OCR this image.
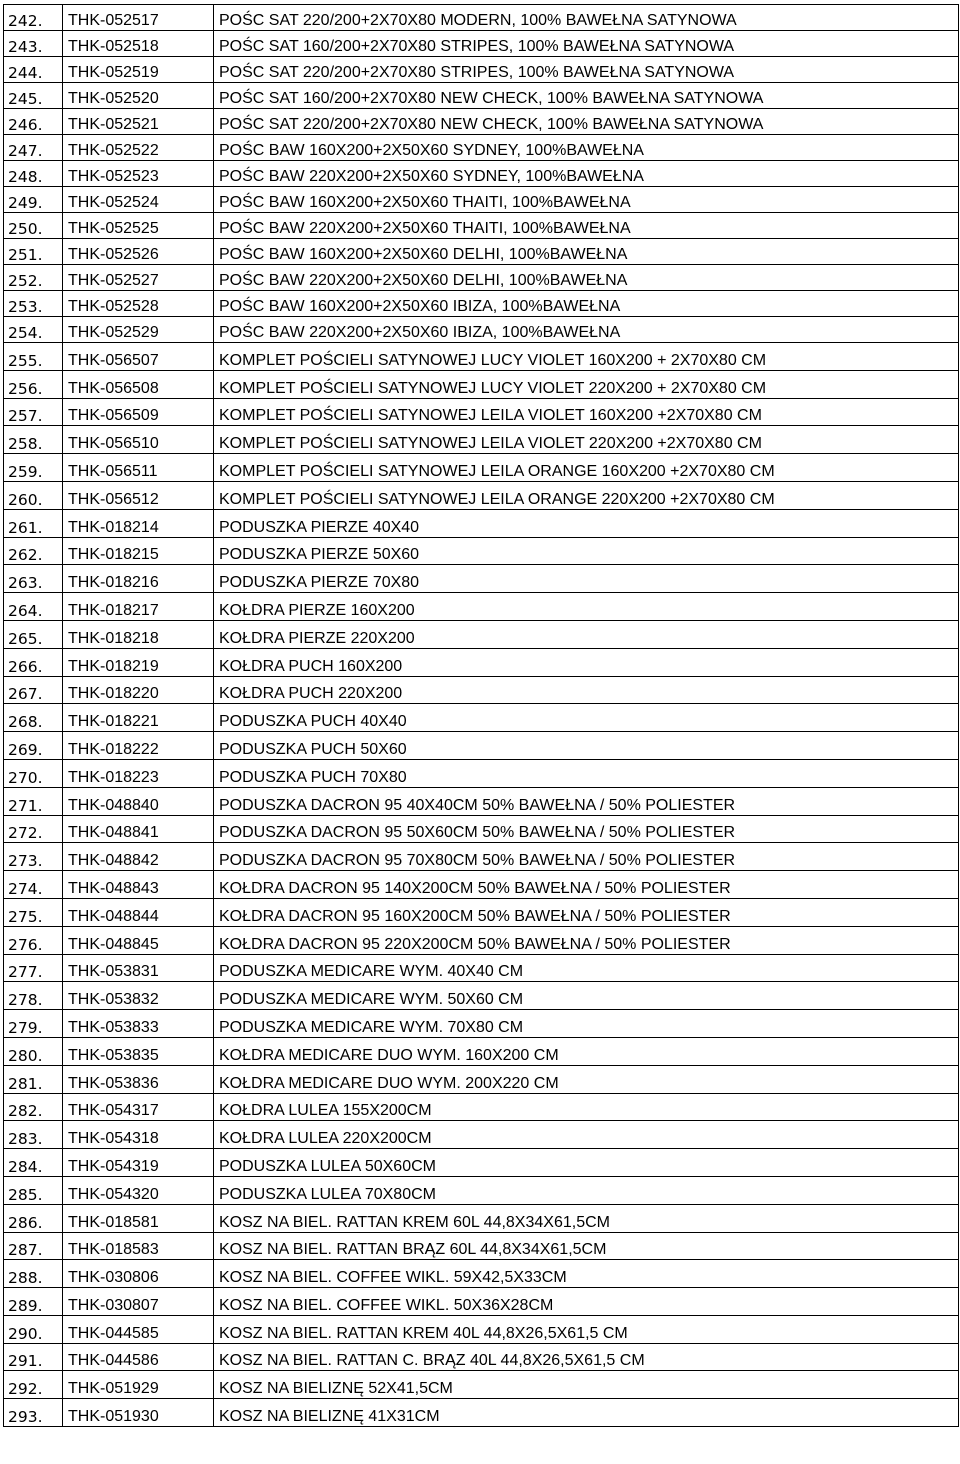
242.	THK-052517	POŚC SAT 220/200+2X70X80 MODERN, 100% BAWEŁNA SATYNOWA
243.	THK-052518	POŚC SAT 160/200+2X70X80 STRIPES, 100% BAWEŁNA SATYNOWA
244.	THK-052519	POŚC SAT 220/200+2X70X80 STRIPES, 100% BAWEŁNA SATYNOWA
245.	THK-052520	POŚC SAT 160/200+2X70X80 NEW CHECK, 100% BAWEŁNA SATYNOWA
246.	THK-052521	POŚC SAT 220/200+2X70X80 NEW CHECK, 100% BAWEŁNA SATYNOWA
247.	THK-052522	POŚC BAW 160X200+2X50X60 SYDNEY, 100%BAWEŁNA
248.	THK-052523	POŚC BAW 220X200+2X50X60 SYDNEY, 100%BAWEŁNA
249.	THK-052524	POŚC BAW 160X200+2X50X60 THAITI, 100%BAWEŁNA
250.	THK-052525	POŚC BAW 220X200+2X50X60 THAITI, 100%BAWEŁNA
251.	THK-052526	POŚC BAW 160X200+2X50X60 DELHI, 100%BAWEŁNA
252.	THK-052527	POŚC BAW 220X200+2X50X60 DELHI, 100%BAWEŁNA
253.	THK-052528	POŚC BAW 160X200+2X50X60 IBIZA, 100%BAWEŁNA
254.	THK-052529	POŚC BAW 220X200+2X50X60 IBIZA, 100%BAWEŁNA
255.	THK-056507	KOMPLET POŚCIELI SATYNOWEJ LUCY VIOLET 160X200 + 2X70X80 CM
256.	THK-056508	KOMPLET POŚCIELI SATYNOWEJ LUCY VIOLET 220X200 + 2X70X80 CM
257.	THK-056509	KOMPLET POŚCIELI SATYNOWEJ LEILA VIOLET 160X200 +2X70X80 CM
258.	THK-056510	KOMPLET POŚCIELI SATYNOWEJ LEILA VIOLET 220X200 +2X70X80 CM
259.	THK-056511	KOMPLET POŚCIELI SATYNOWEJ LEILA ORANGE 160X200 +2X70X80 CM
260.	THK-056512	KOMPLET POŚCIELI SATYNOWEJ LEILA ORANGE 220X200 +2X70X80 CM
261.	THK-018214	PODUSZKA PIERZE 40X40
262.	THK-018215	PODUSZKA PIERZE 50X60
263.	THK-018216	PODUSZKA PIERZE 70X80
264.	THK-018217	KOŁDRA PIERZE 160X200
265.	THK-018218	KOŁDRA PIERZE 220X200
266.	THK-018219	KOŁDRA PUCH 160X200
267.	THK-018220	KOŁDRA PUCH 220X200
268.	THK-018221	PODUSZKA PUCH 40X40
269.	THK-018222	PODUSZKA PUCH 50X60
270.	THK-018223	PODUSZKA PUCH 70X80
271.	THK-048840	PODUSZKA DACRON 95 40X40CM 50% BAWEŁNA / 50% POLIESTER
272.	THK-048841	PODUSZKA DACRON 95 50X60CM 50% BAWEŁNA / 50% POLIESTER
273.	THK-048842	PODUSZKA DACRON 95 70X80CM 50% BAWEŁNA / 50% POLIESTER
274.	THK-048843	KOŁDRA DACRON 95 140X200CM 50% BAWEŁNA / 50% POLIESTER
275.	THK-048844	KOŁDRA DACRON 95 160X200CM 50% BAWEŁNA / 50% POLIESTER
276.	THK-048845	KOŁDRA DACRON 95 220X200CM 50% BAWEŁNA / 50% POLIESTER
277.	THK-053831	PODUSZKA MEDICARE WYM. 40X40 CM
278.	THK-053832	PODUSZKA MEDICARE WYM. 50X60 CM
279.	THK-053833	PODUSZKA MEDICARE WYM. 70X80 CM
280.	THK-053835	KOŁDRA MEDICARE DUO WYM. 160X200 CM
281.	THK-053836	KOŁDRA MEDICARE DUO WYM. 200X220 CM
282.	THK-054317	KOŁDRA LULEA 155X200CM
283.	THK-054318	KOŁDRA LULEA 220X200CM
284.	THK-054319	PODUSZKA LULEA 50X60CM
285.	THK-054320	PODUSZKA LULEA 70X80CM
286.	THK-018581	KOSZ NA BIEL. RATTAN KREM 60L 44,8X34X61,5CM
287.	THK-018583	KOSZ NA BIEL. RATTAN BRĄZ 60L 44,8X34X61,5CM
288.	THK-030806	KOSZ NA BIEL. COFFEE WIKL. 59X42,5X33CM
289.	THK-030807	KOSZ NA BIEL. COFFEE WIKL. 50X36X28CM
290.	THK-044585	KOSZ NA BIEL. RATTAN KREM 40L 44,8X26,5X61,5 CM
291.	THK-044586	KOSZ NA BIEL. RATTAN C. BRĄZ 40L 44,8X26,5X61,5 CM
292.	THK-051929	KOSZ NA BIELIZNĘ 52X41,5CM
293.	THK-051930	KOSZ NA BIELIZNĘ 41X31CM
